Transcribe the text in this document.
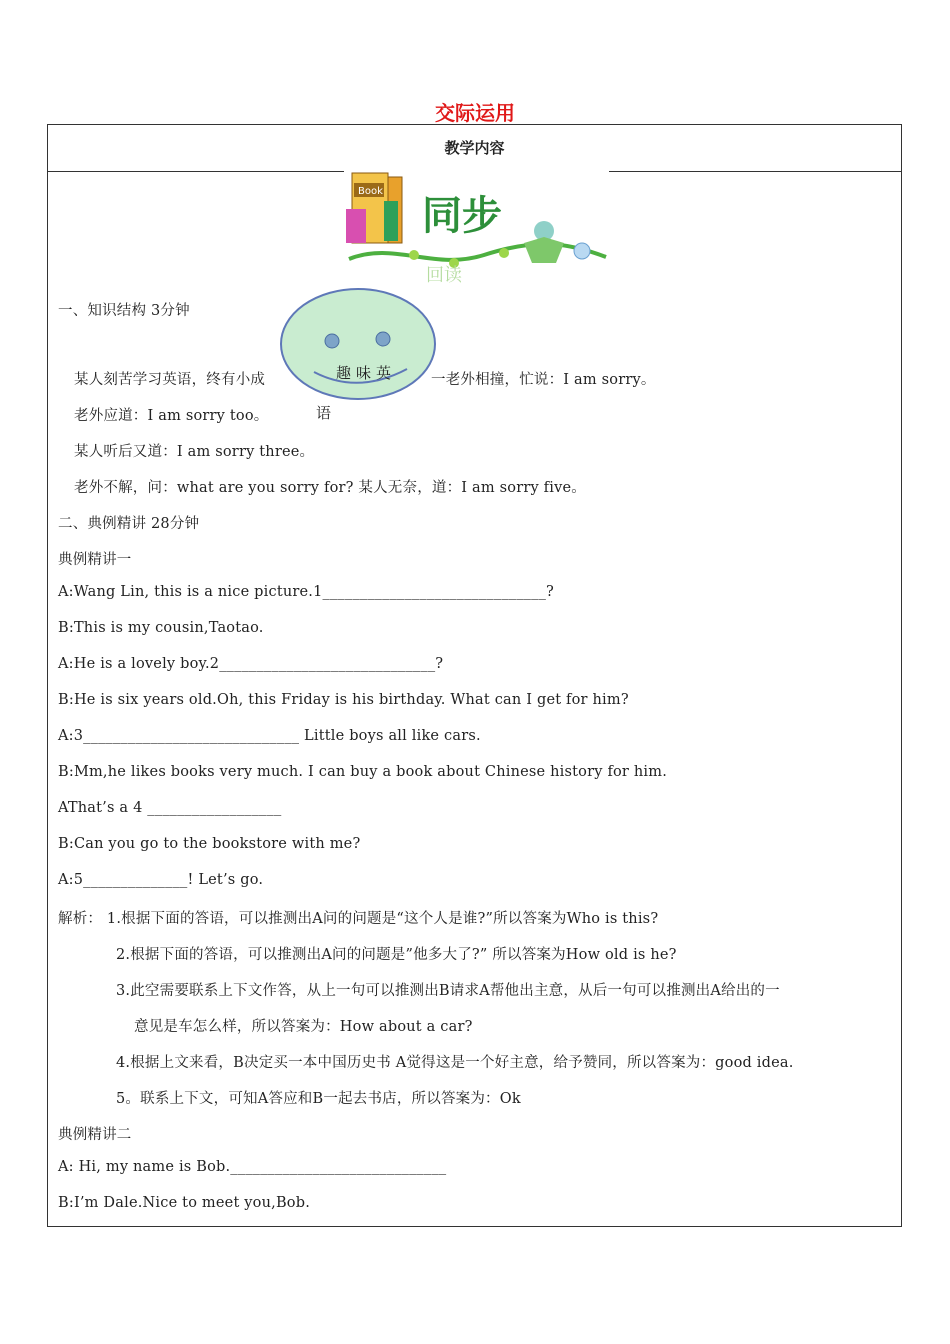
交际运用
教学内容
Book
同步
回读
一、知识结构 3分钟
趣味英
某人刻苦学习英语，终有小成	一老外相撞，忙说：I am sorry。
老外应道：I am sorry too。	语
某人听后又道：I am sorry three。
老外不解，问：what are you sorry for? 某人无奈，道：I am sorry five。
二、典例精讲 28分钟
典例精讲一
A:Wang Lin, this is a nice picture.1______________________________?
B:This is my cousin,Taotao.
A:He is a lovely boy.2_____________________________?
B:He is six years old.Oh, this Friday is his birthday. What can I get for him?
A:3_____________________________ Little boys all like cars.
B:Mm,he likes books very much. I can buy a book about Chinese history for him.
AThat’s a 4 __________________
B:Can you go to the bookstore with me?
A:5______________! Let’s go.
解析： 1.根据下面的答语，可以推测出A问的问题是“这个人是谁?”所以答案为Who is this?
2.根据下面的答语，可以推测出A问的问题是”他多大了?” 所以答案为How old is he?
3.此空需要联系上下文作答，从上一句可以推测出B请求A帮他出主意，从后一句可以推测出A给出的一
意见是车怎么样，所以答案为：How about a car?
4.根据上文来看，B决定买一本中国历史书 A觉得这是一个好主意，给予赞同，所以答案为：good idea.
5。联系上下文，可知A答应和B一起去书店，所以答案为：Ok
典例精讲二
A: Hi, my name is Bob._____________________________
B:I’m Dale.Nice to meet you,Bob.
